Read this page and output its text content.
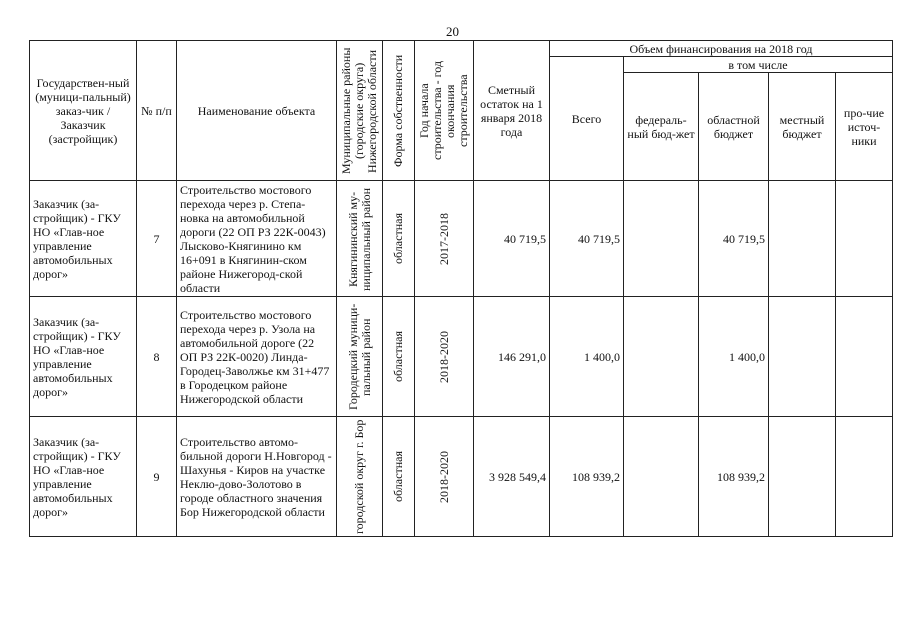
20
Государствен-ный (муници-пальный) заказ-чик / Заказчик (застройщик)	№ п/п	Наименование объекта	Муниципальные районы (городские округа) Нижегородской области	Форма собственности	Год начала строительства - год окончания строительства	Сметный остаток на 1 января 2018 года	Объем финансирования на 2018 год				
							Всего	в том числе			
								федераль-ный бюд-жет	областной бюджет	местный бюджет	про-чие источ-ники
Заказчик (за-стройщик) - ГКУ НО «Глав-ное управление автомобильных дорог»	7	Строительство мостового перехода через р. Степа-новка на автомобильной дороги (22 ОП РЗ 22К-0043) Лысково-Княгинино км 16+091 в Княгинин-ском районе Нижегород-ской области	Княгининский му-ниципальный район	областная	2017-2018	40 719,5	40 719,5		40 719,5		
Заказчик (за-стройщик) - ГКУ НО «Глав-ное управление автомобильных дорог»	8	Строительство мостового перехода через р. Узола на автомобильной дороге (22 ОП РЗ 22К-0020) Линда-Городец-Заволжье км 31+477 в Городецком районе Нижегородской области	Городецкий муници-пальный район	областная	2018-2020	146 291,0	1 400,0		1 400,0		
Заказчик (за-стройщик) - ГКУ НО «Глав-ное управление автомобильных дорог»	9	Строительство автомо-бильной дороги Н.Новгород - Шахунья - Киров на участке Неклю-дово-Золотово в городе областного значения Бор Нижегородской области	городской округ г. Бор	областная	2018-2020	3 928 549,4	108 939,2		108 939,2		
